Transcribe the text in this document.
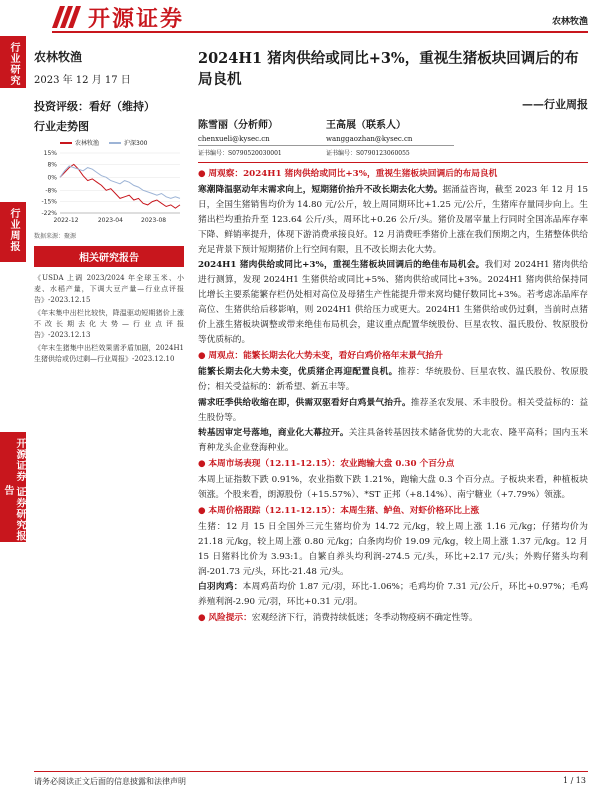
开源证券	农林牧渔
行业研究
行业周报
开源证券 证券研究报告
农林牧渔
2023 年 12 月 17 日
投资评级：看好（维持）
行业走势图
农林牧渔	沪深300
15%
8%
0%
-8%
-15%
-22%
2022-12	2023-04	2023-08
数据来源：聚源
相关研究报告
《USDA 上调 2023/2024 年全球玉米、小麦、水稻产量，下调大豆产量—行业点评报告》-2023.12.15
《年末集中出栏比较快，降温驱动短期猪价上涨不改长期去化大势—行业点评报告》-2023.12.13
《年末生猪集中出栏效果需矛盾加剧，2024H1 生猪供给或仍过剩—行业周报》-2023.12.10
2024H1 猪肉供给或同比+3%，重视生猪板块回调后的布局良机
——行业周报
陈雪丽（分析师）
chenxueli@kysec.cn
证书编号：S0790520030001
王高展（联系人）
wanggaozhan@kysec.cn
证书编号：S0790123060055

● 周观察：2024H1 猪肉供给或同比+3%，重视生猪板块回调后的布局良机

寒潮降温驱动年末需求向上，短期猪价抬升不改长期去化大势。据涌益咨询，截至 2023 年 12 月 15 日，全国生猪销售均价为 14.80 元/公斤，较上周同期环比+1.25 元/公斤，生猪库存量同步向上。生猪出栏均重抬升至 123.64 公斤/头，周环比+0.26 公斤/头。猪价及屠宰量上行同时全国冻品库存率下降、鲜销率提升，体现下游消费承接良好。12 月消费旺季猪价上涨在我们预期之内，生猪整体供给充足背景下预计短期猪价上行空间有限，且不改长期去化大势。

2024H1 猪肉供给或同比+3%，重视生猪板块回调后的绝佳布局机会。我们对 2024H1 猪肉供给进行测算，发现 2024H1 生猪供给或同比+5%、猪肉供给或同比+3%。2024H1 猪肉供给保持同比增长主要系能繁存栏仍处相对高位及母猪生产性能提升带来窝均健仔数同比+3%。若考虑冻品库存高位、生猪供给后移影响，则 2024H1 供给压力或更大。2024H1 生猪供给或仍过剩，当前时点猪价上涨生猪板块调整或带来绝佳布局机会，建议重点配置华统股份、巨星农牧、温氏股份、牧原股份等优质标的。

● 周观点：能繁长期去化大势未变，看好白鸡价格年末景气抬升

能繁长期去化大势未变，优质猪企再迎配置良机。推荐：华统股份、巨星农牧、温氏股份、牧原股份；相关受益标的：新希望、新五丰等。

需求旺季供给收缩在即，供需双驱看好白鸡景气抬升。推荐圣农发展、禾丰股份。相关受益标的：益生股份等。

转基因审定号落地，商业化大幕拉开。关注具备转基因技术储备优势的大北农、隆平高科；国内玉米育种龙头企业登海种业。

● 本周市场表现（12.11-12.15）：农业跑输大盘 0.30 个百分点

本周上证指数下跌 0.91%，农业指数下跌 1.21%，跑输大盘 0.3 个百分点。子板块来看，种植板块领涨。个股来看，朗源股份（+15.57%）、*ST 正邦（+8.14%）、南宁糖业（+7.79%）领涨。

● 本周价格跟踪（12.11-12.15）：本周生猪、鲈鱼、对虾价格环比上涨

生猪：12 月 15 日全国外三元生猪均价为 14.72 元/kg，较上周上涨 1.16 元/kg；仔猪均价为 21.18 元/kg，较上周上涨 0.80 元/kg；白条肉均价 19.09 元/kg，较上周上涨 1.37 元/kg。12 月 15 日猪料比价为 3.93:1。自繁自养头均利润-274.5 元/头，环比+2.17 元/头；外购仔猪头均利润-201.73 元/头，环比-21.48 元/头。

白羽肉鸡：本周鸡苗均价 1.87 元/羽，环比-1.06%；毛鸡均价 7.31 元/公斤，环比+0.97%；毛鸡养殖利润-2.90 元/羽，环比+0.31 元/羽。

● 风险提示：宏观经济下行，消费持续低迷；冬季动物疫病不确定性等。

请务必阅读正文后面的信息披露和法律声明	1 / 13
